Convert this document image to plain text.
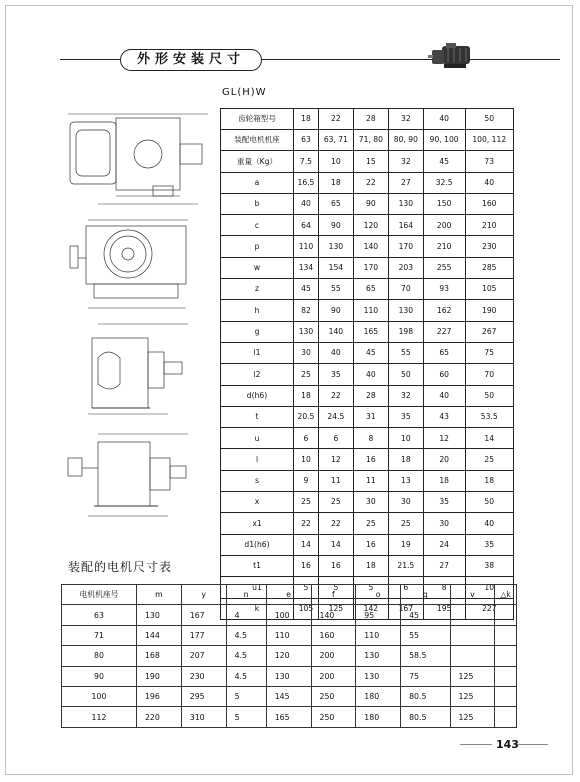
外形安装尺寸
GL(H)W
齿轮箱型号	18	22	28	32	40	50
装配电机机座	63	63, 71	71, 80	80, 90	90, 100	100, 112
重量（Kg）	7.5	10	15	32	45	73
a	16.5	18	22	27	32.5	40
b	40	65	90	130	150	160
c	64	90	120	164	200	210
p	110	130	140	170	210	230
w	134	154	170	203	255	285
z	45	55	65	70	93	105
h	82	90	110	130	162	190
g	130	140	165	198	227	267
l1	30	40	45	55	65	75
l2	25	35	40	50	60	70
d(h6)	18	22	28	32	40	50
t	20.5	24.5	31	35	43	53.5
u	6	6	8	10	12	14
l	10	12	16	18	20	25
s	9	11	11	13	18	18
x	25	25	30	30	35	50
x1	22	22	25	25	30	40
d1(h6)	14	14	16	19	24	35
t1	16	16	18	21.5	27	38
u1	5	5	5	6	8	10
k	105	125	142	167	195	227
装配的电机尺寸表
电机机座号	m	y	n	e	f	o	q	v	△k
63	130	167	4	100	140	95	45		
71	144	177	4.5	110	160	110	55		
80	168	207	4.5	120	200	130	58.5		
90	190	230	4.5	130	200	130	75	125	
100	196	295	5	145	250	180	80.5	125	
112	220	310	5	165	250	180	80.5	125	
143
